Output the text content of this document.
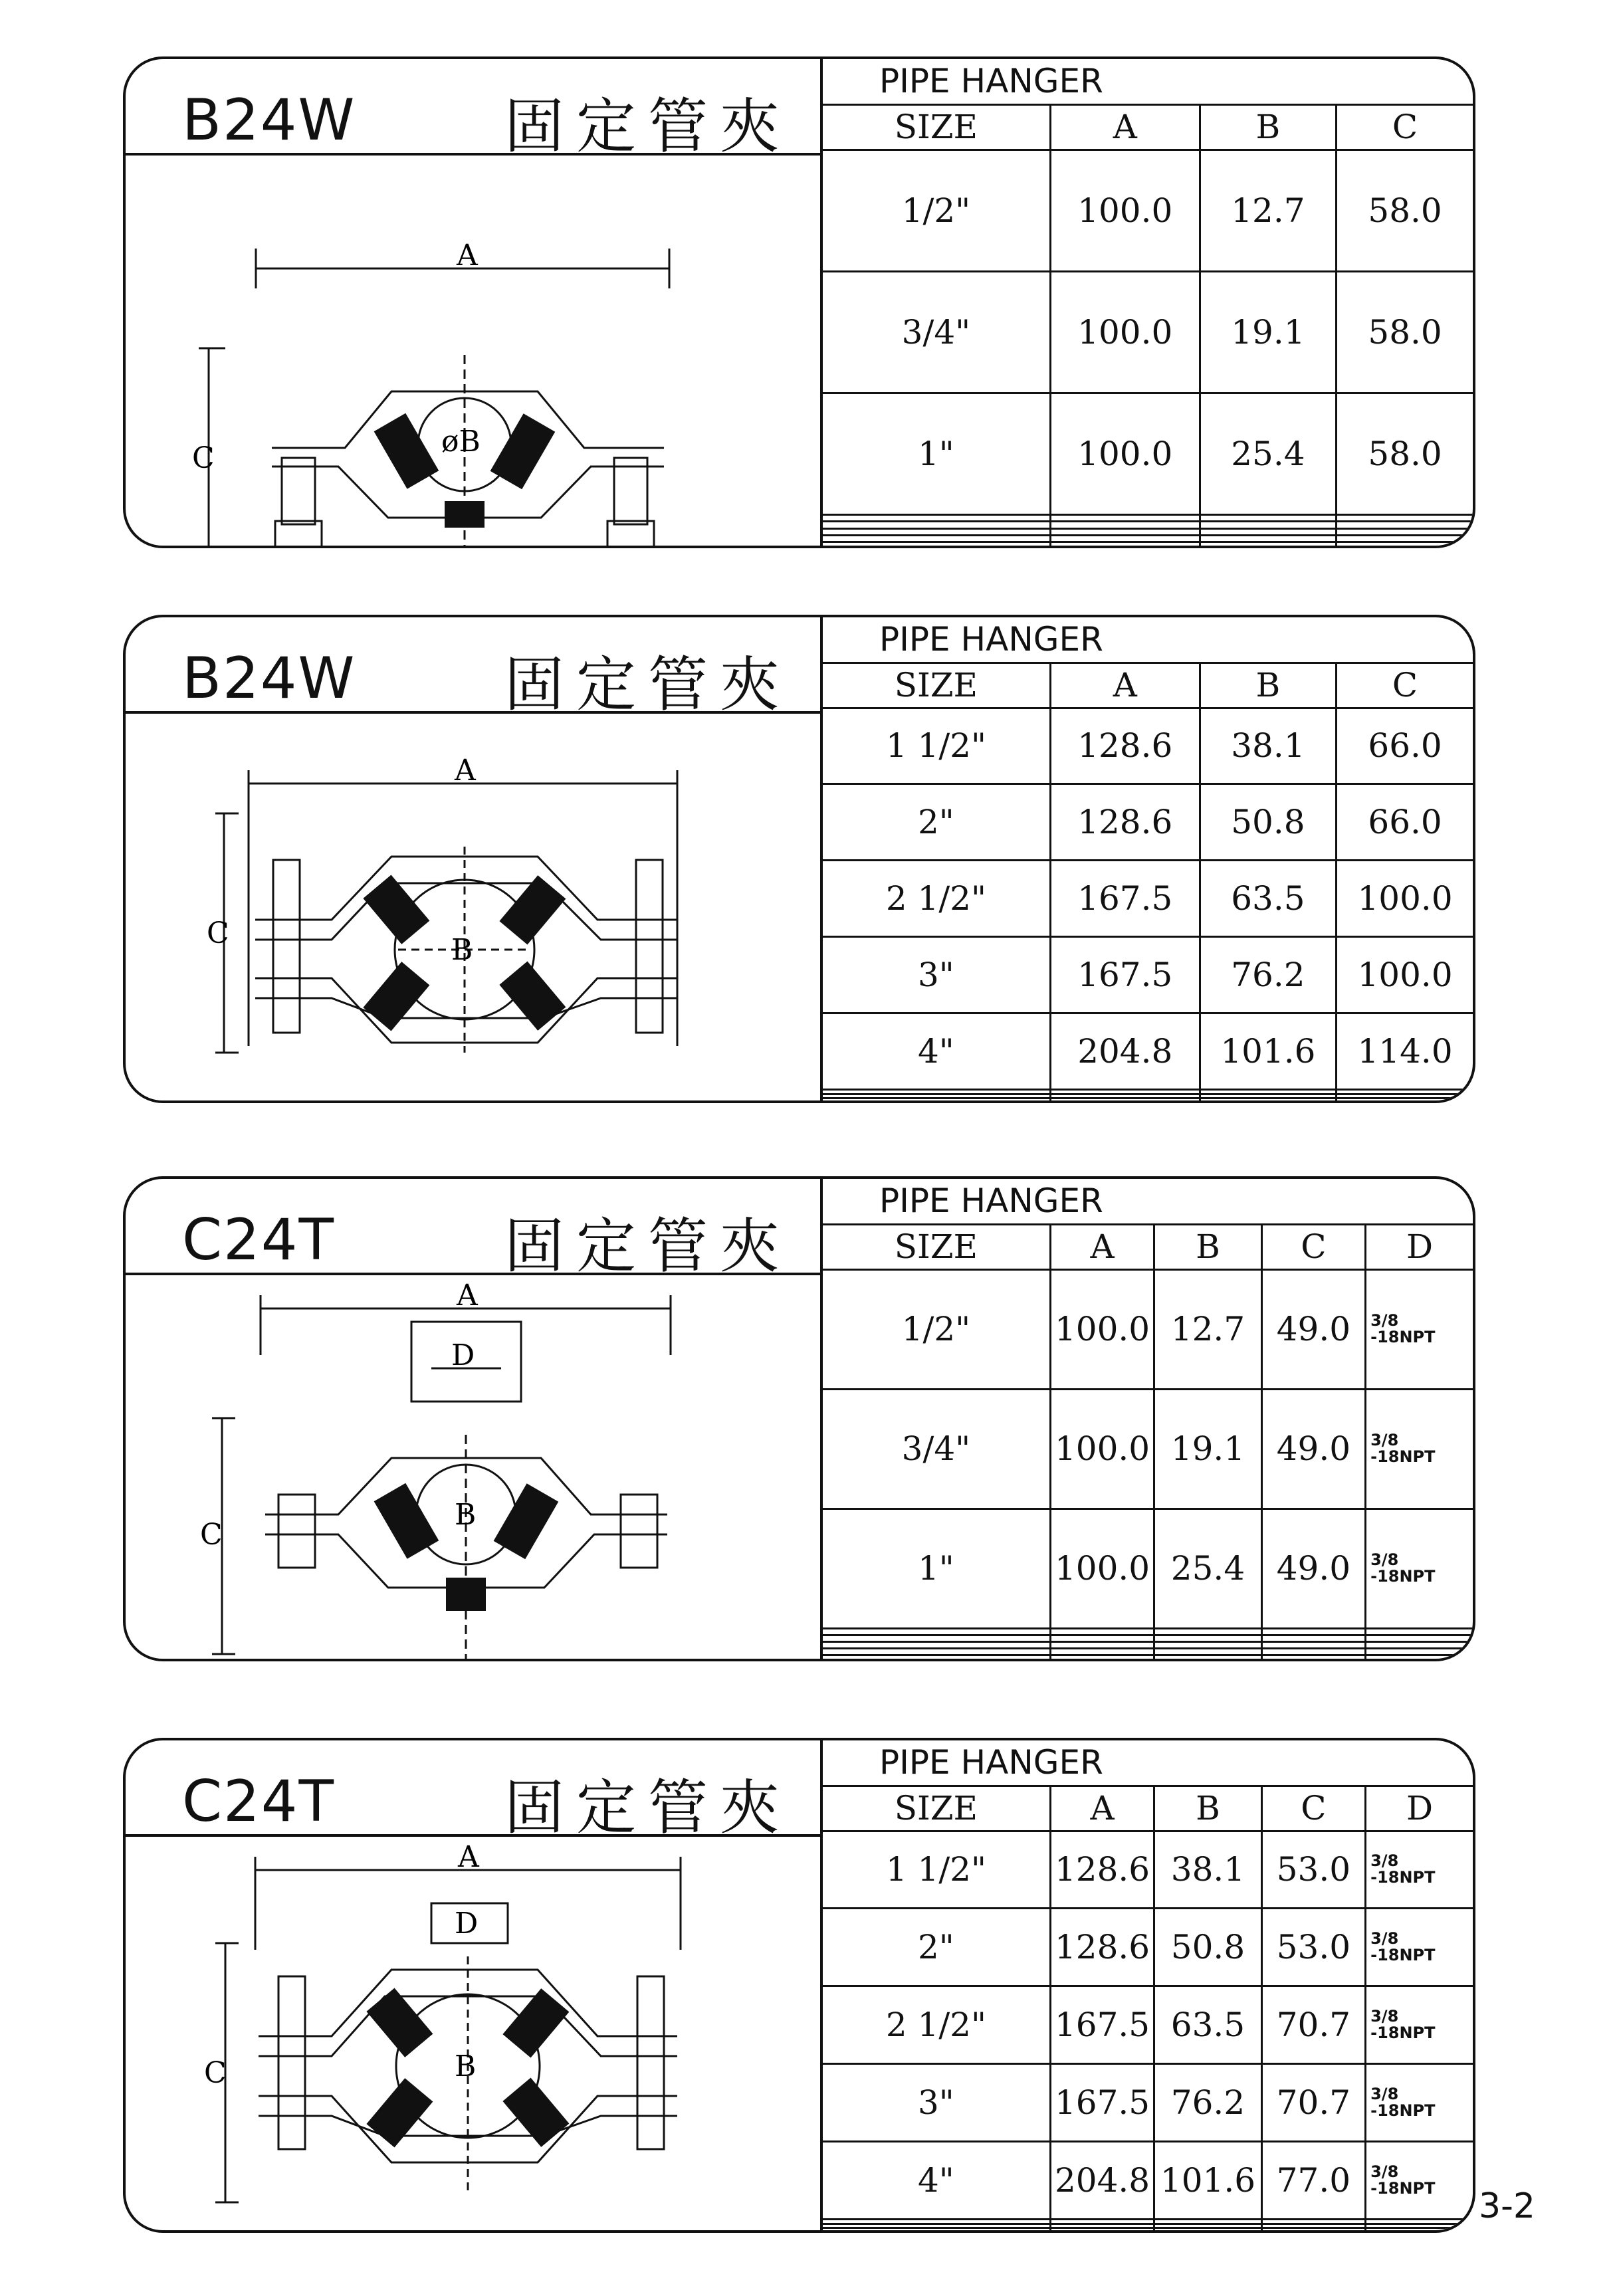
B24W 固定管夾
A
C	øB
PIPE HANGER			
SIZE	A	B	C
1/2"	100.0	12.7	58.0
3/4"	100.0	19.1	58.0
1"	100.0	25.4	58.0

B24W 固定管夾
A
C	B
PIPE HANGER			
SIZE	A	B	C
1 1/2"	128.6	38.1	66.0
2"	128.6	50.8	66.0
2 1/2"	167.5	63.5	100.0
3"	167.5	76.2	100.0
4"	204.8	101.6	114.0

C24T	固定管夾
A
D
C
B
PIPE HANGER				
SIZE	A	B	C	D
1/2"	100.0	12.7	49.0	3/8
-18NPT
3/4"	100.0	19.1	49.0	3/8
-18NPT
1"	100.0	25.4	49.0	3/8
-18NPT

C24T	固定管夾
A
D
C	B
PIPE HANGER				
SIZE	A	B	C	D
1 1/2"	128.6	38.1	53.0	3/8
-18NPT
2"	128.6	50.8	53.0	3/8
-18NPT
2 1/2"	167.5	63.5	70.7	3/8
-18NPT
3"	167.5	76.2	70.7	3/8
-18NPT
4"	204.8	101.6	77.0	3/8
-18NPT

				3-2
